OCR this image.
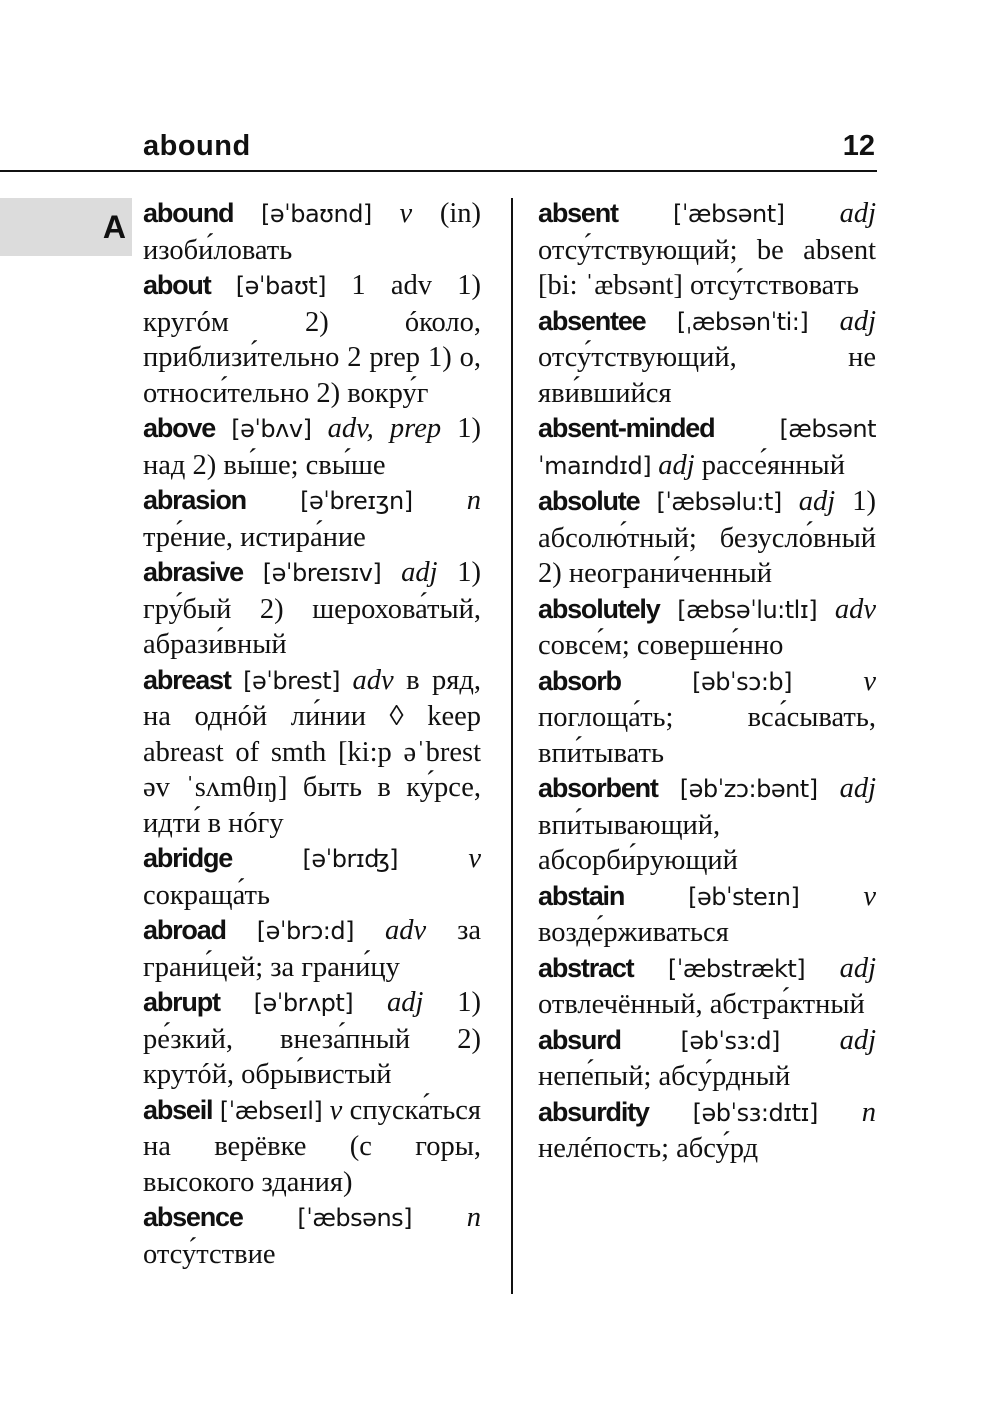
abound	12
A abound [əˈbaʊnd] v (in) изоби́ловать

about [əˈbaʊt] 1 adv 1) кругóм 2) óколо, приблизи́тельно 2 prep 1) о, относи́тельно 2) вокру́г

above [əˈbʌv] adv, prep 1) над 2) вы́ше; свы́ше

abrasion [əˈbreɪʒn] n тре́ние, истира́ние

abrasive [əˈbreɪsɪv] adj 1) гру́бый 2) шерохова́тый, абрази́вный

abreast [əˈbrest] adv в ряд, на однóй ли́нии ◊ keep abreast of smth [ki:p əˈbrest əv ˈsʌmθɪŋ] быть в ку́рсе, идти́ в нóгу

abridge	[əˈbrɪʤ] v сокраща́ть

abroad [əˈbrɔ:d] adv за грани́цей; за грани́цу

abrupt [əˈbrʌpt] adj 1) ре́зкий, внеза́пный 2) крутóй, обры́вистый

abseil [ˈæbseɪl] v спуска́ться на верёвке (с горы, высокого здания)

absence [ˈæbsəns] n отсу́тствие

absent [ˈæbsənt] adj отсу́тствующий; be absent [bi: ˈæbsənt] отсу́тствовать

absentee [ˌæbsənˈti:] adj отсу́тствующий, не яви́вшийся

absent-minded	[æbsəntˈmaɪndɪd] adj рассе́янный

absolute [ˈæbsəlu:t] adj 1) абсолю́тный; безусло́вный 2) неограни́ченный

absolutely [æbsəˈlu:tlɪ] adv совсе́м; соверше́нно

absorb	[əbˈsɔ:b]	v поглоща́ть; вса́сывать, впи́тывать

absorbent [əbˈzɔ:bənt] adj впи́тывающий, абсорби́рующий

abstain	[əbˈsteɪn] v возде́рживаться

abstract [ˈæbstrækt] adj отвлечённый, абстра́ктный

absurd [əbˈsɜ:d] adj непе́пый; абсу́рдный

absurdity [əbˈsɜ:dɪtɪ] n нелéпость; абсу́рд
